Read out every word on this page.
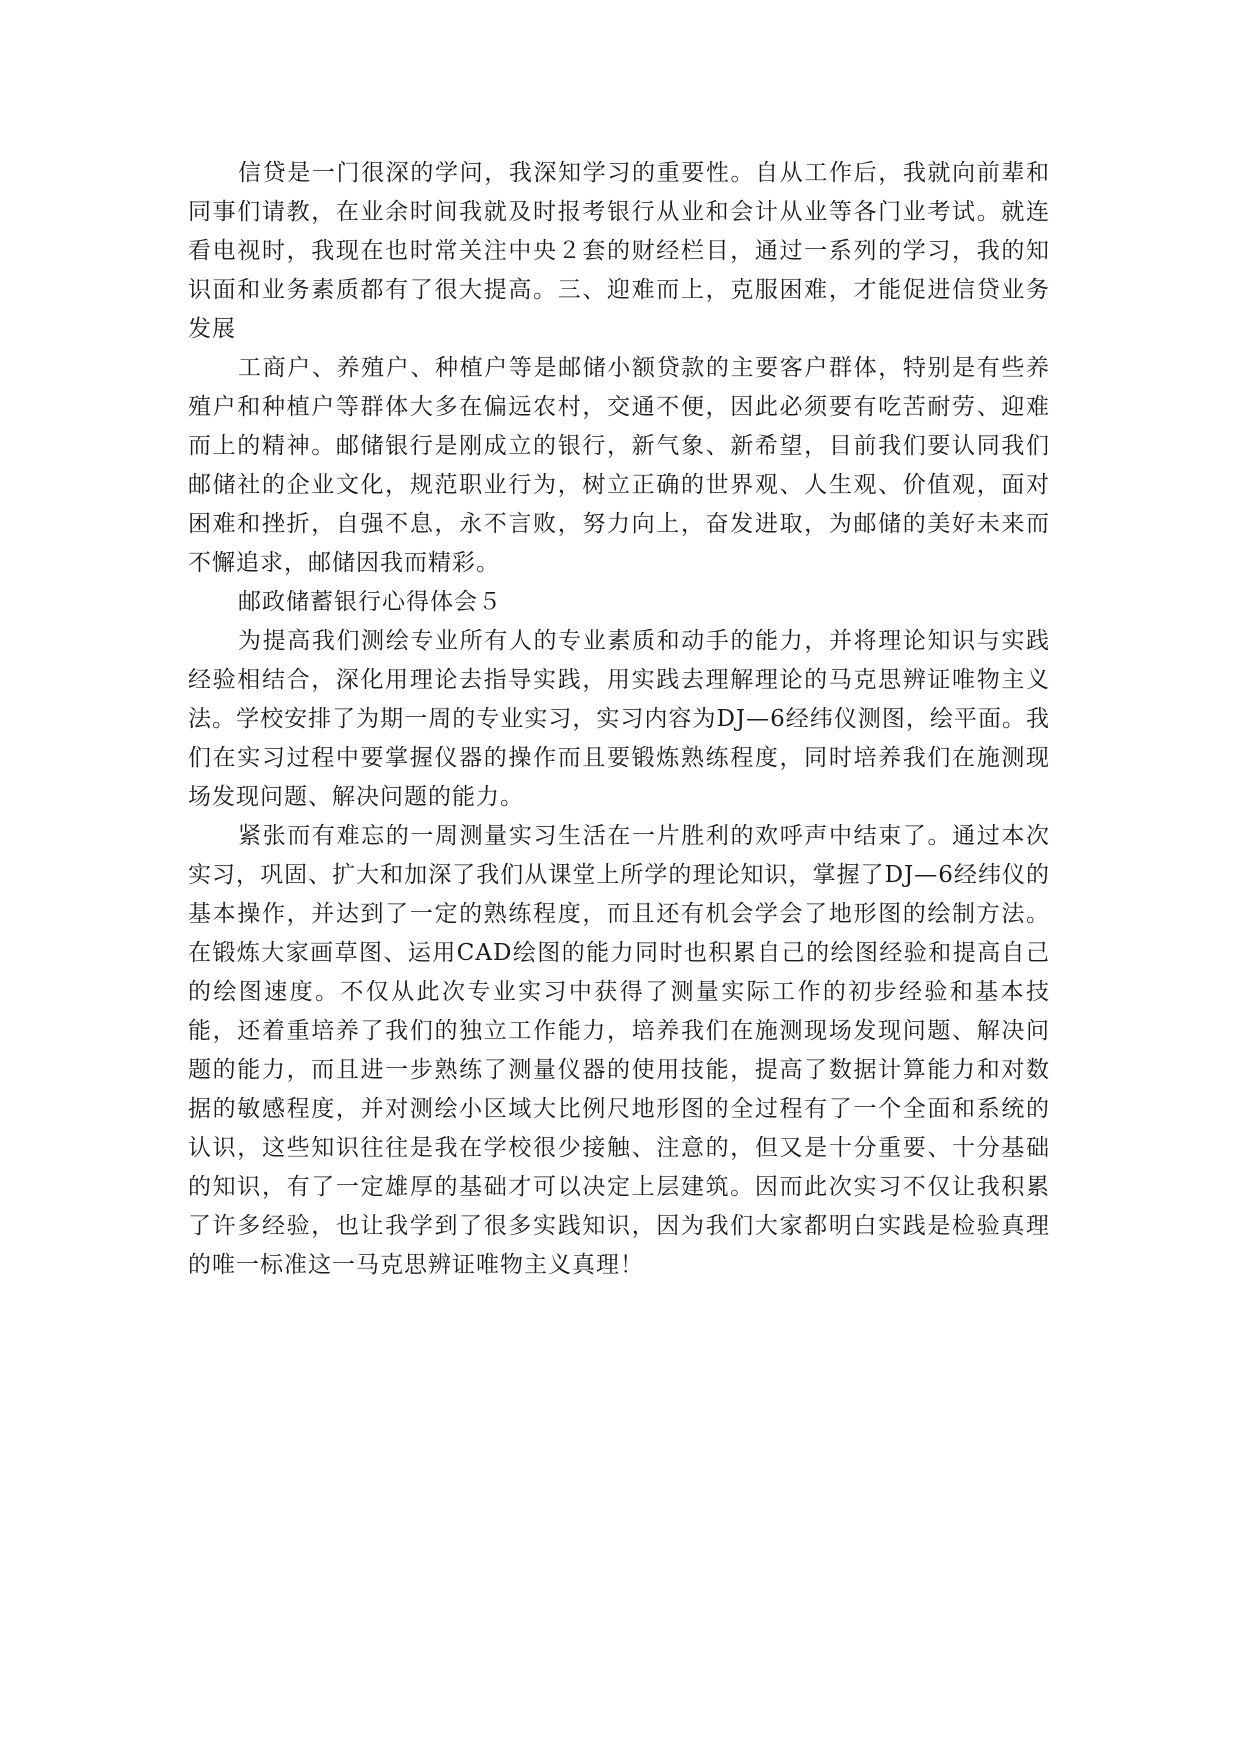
信贷是一门很深的学问，我深知学习的重要性。自从工作后，我就向前辈和同事们请教，在业余时间我就及时报考银行从业和会计从业等各门业考试。就连看电视时，我现在也时常关注中央２套的财经栏目，通过一系列的学习，我的知识面和业务素质都有了很大提高。三、迎难而上，克服困难，才能促进信贷业务发展

工商户、养殖户、种植户等是邮储小额贷款的主要客户群体，特别是有些养殖户和种植户等群体大多在偏远农村，交通不便，因此必须要有吃苦耐劳、迎难而上的精神。邮储银行是刚成立的银行，新气象、新希望，目前我们要认同我们邮储社的企业文化，规范职业行为，树立正确的世界观、人生观、价值观，面对困难和挫折，自强不息，永不言败，努力向上，奋发进取，为邮储的美好未来而不懈追求，邮储因我而精彩。

邮政储蓄银行心得体会５

为提高我们测绘专业所有人的专业素质和动手的能力，并将理论知识与实践经验相结合，深化用理论去指导实践，用实践去理解理论的马克思辨证唯物主义法。学校安排了为期一周的专业实习，实习内容为DJ—6经纬仪测图，绘平面。我们在实习过程中要掌握仪器的操作而且要锻炼熟练程度，同时培养我们在施测现场发现问题、解决问题的能力。

紧张而有难忘的一周测量实习生活在一片胜利的欢呼声中结束了。通过本次实习，巩固、扩大和加深了我们从课堂上所学的理论知识，掌握了DJ—6经纬仪的基本操作，并达到了一定的熟练程度，而且还有机会学会了地形图的绘制方法。在锻炼大家画草图、运用CAD绘图的能力同时也积累自己的绘图经验和提高自己的绘图速度。不仅从此次专业实习中获得了测量实际工作的初步经验和基本技能，还着重培养了我们的独立工作能力，培养我们在施测现场发现问题、解决问题的能力，而且进一步熟练了测量仪器的使用技能，提高了数据计算能力和对数据的敏感程度，并对测绘小区域大比例尺地形图的全过程有了一个全面和系统的认识，这些知识往往是我在学校很少接触、注意的，但又是十分重要、十分基础的知识，有了一定雄厚的基础才可以决定上层建筑。因而此次实习不仅让我积累了许多经验，也让我学到了很多实践知识，因为我们大家都明白实践是检验真理的唯一标准这一马克思辨证唯物主义真理！
